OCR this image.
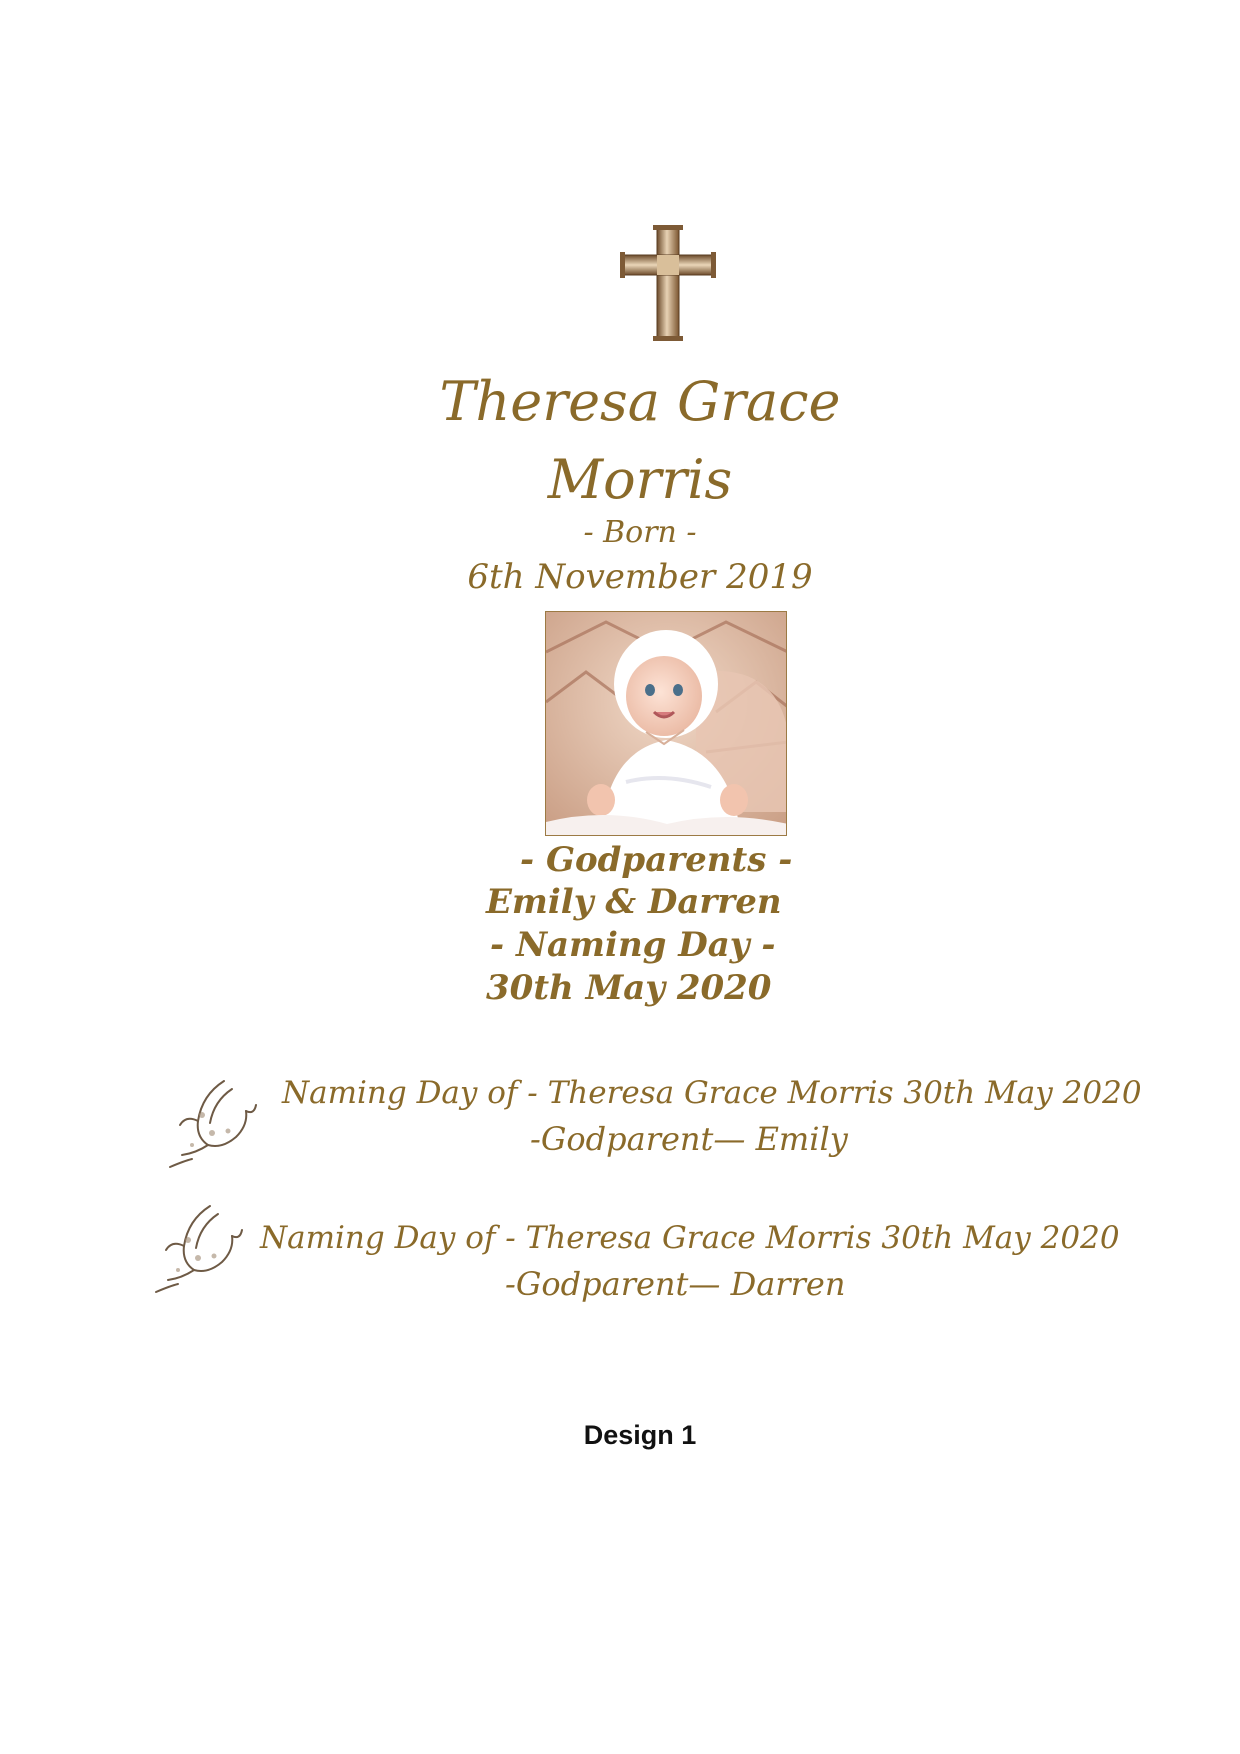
Theresa Grace
Morris
- Born -
6th November 2019
- Godparents -
Emily & Darren
- Naming Day -
30th May 2020
Naming Day of - Theresa Grace Morris 30th May 2020
-Godparent— Emily
Naming Day of - Theresa Grace Morris 30th May 2020
-Godparent— Darren
Design 1
